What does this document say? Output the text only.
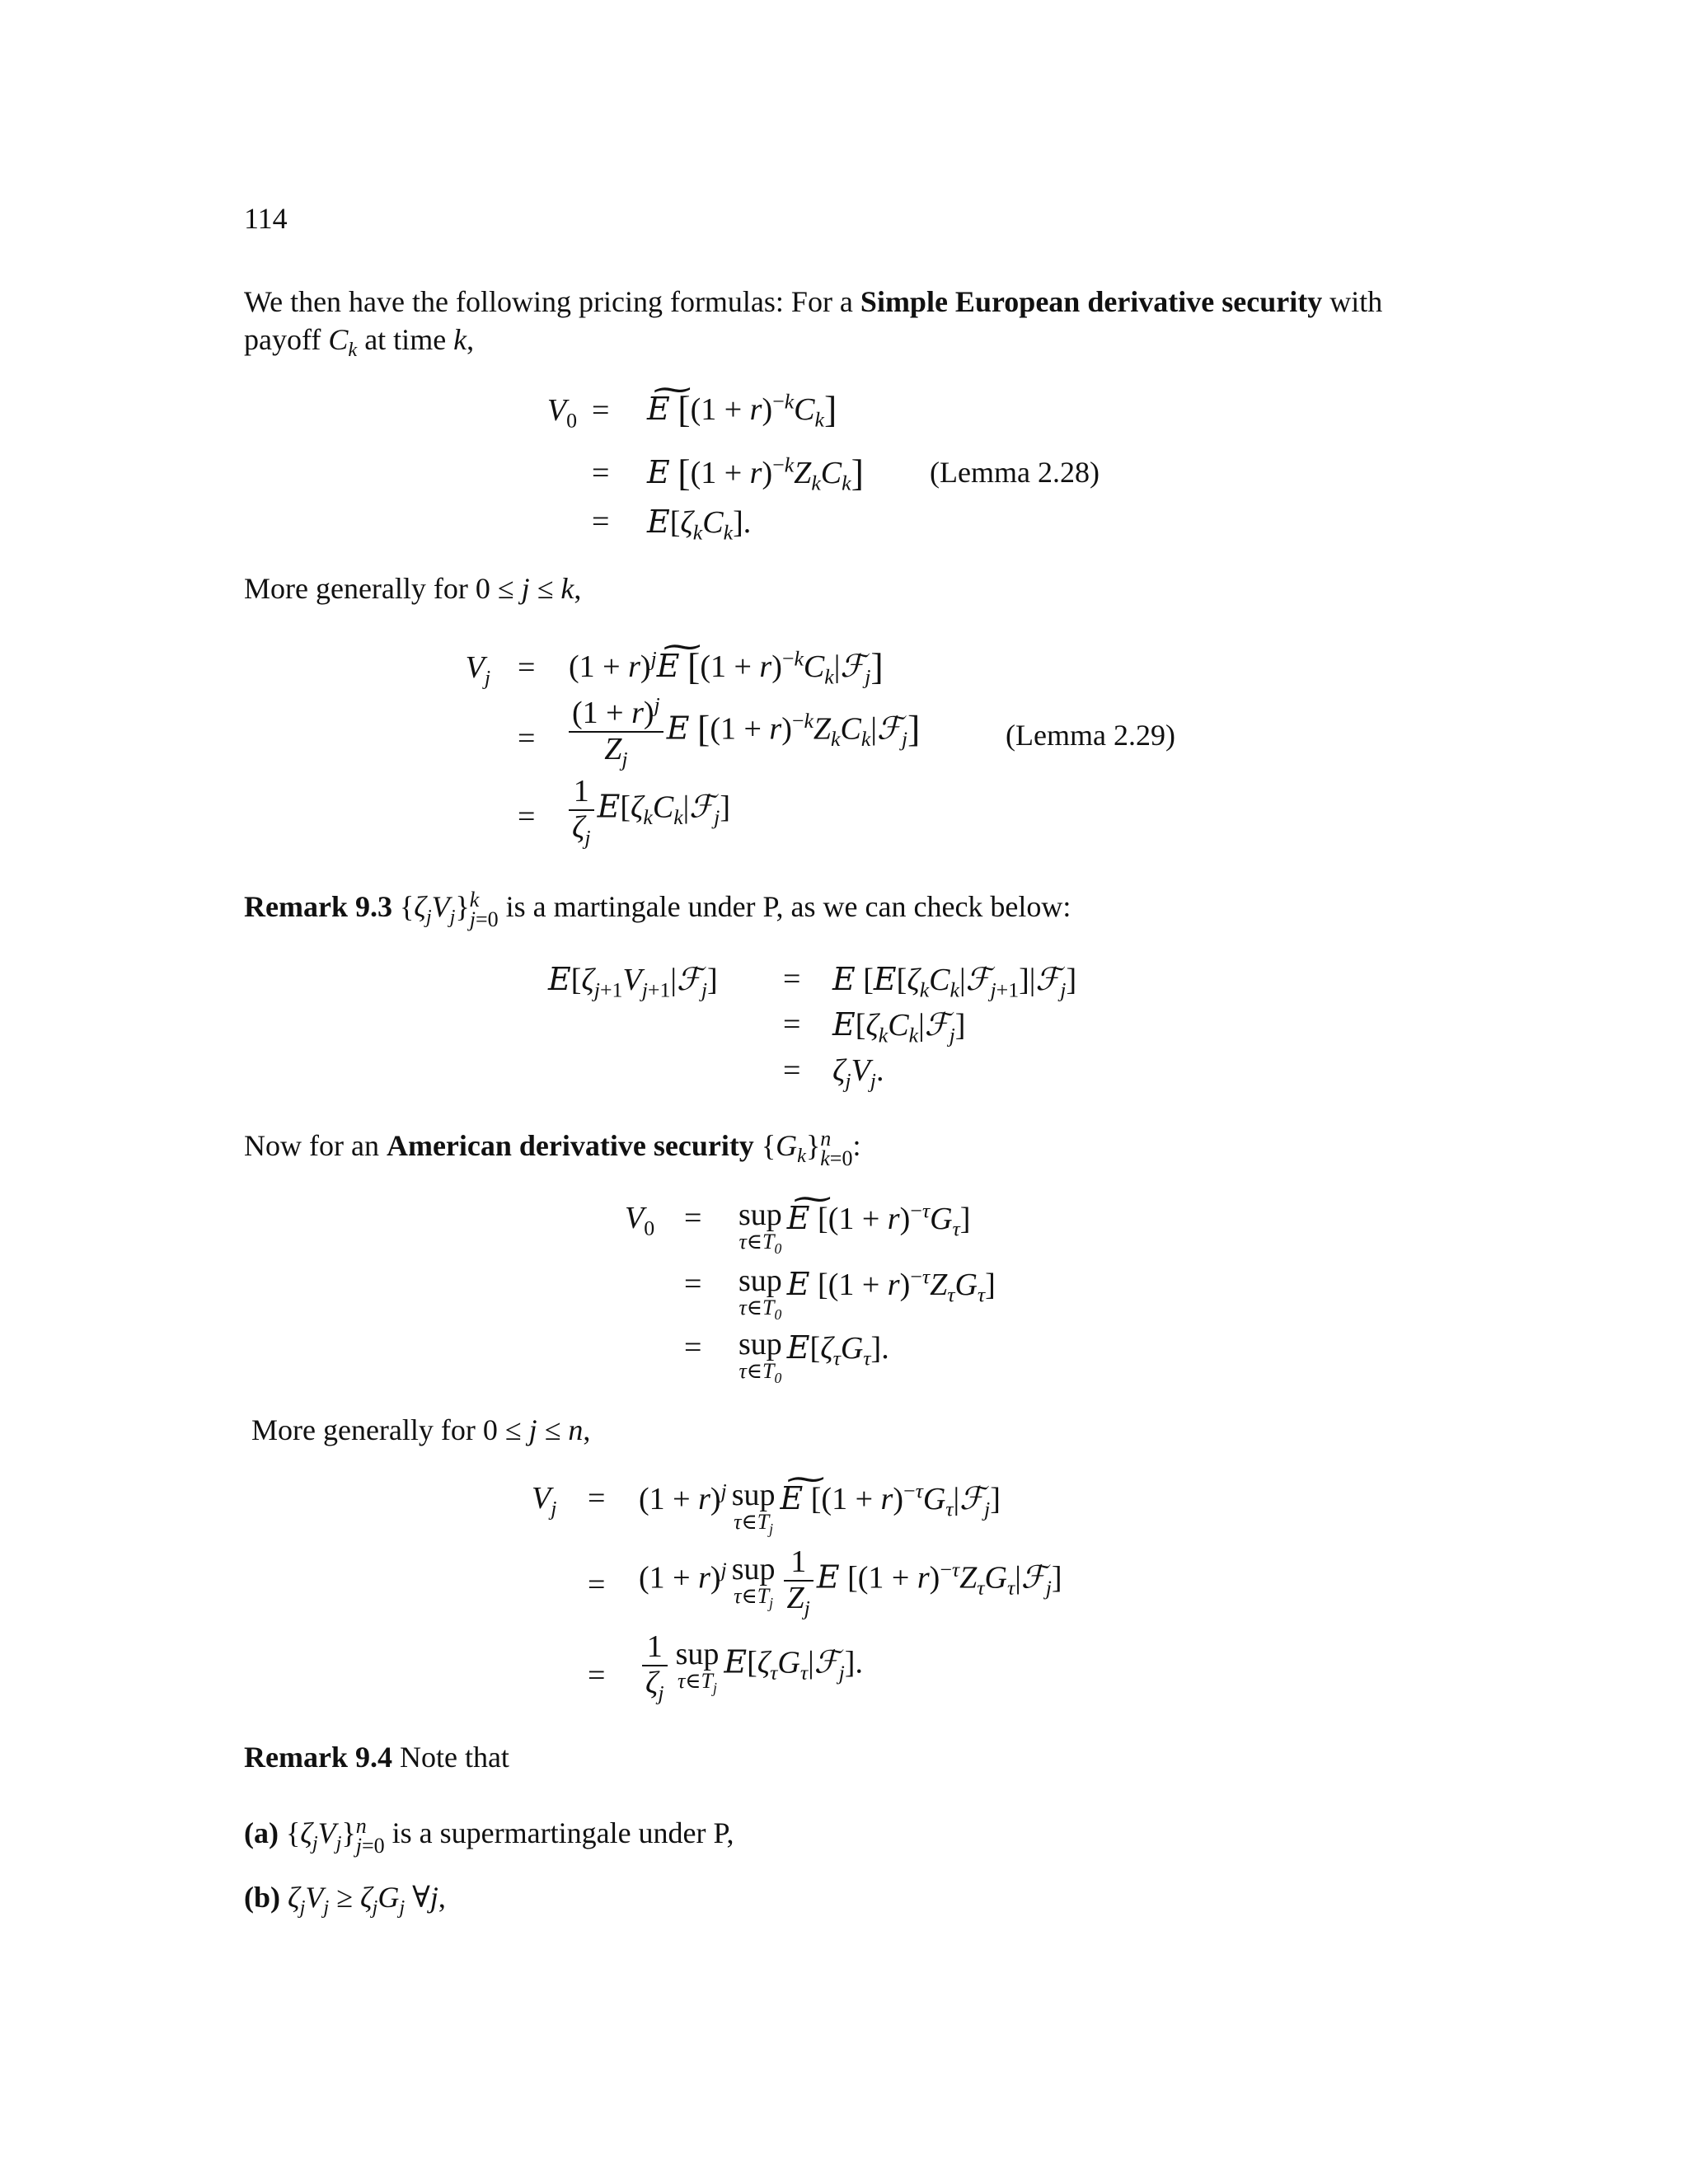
114
We then have the following pricing formulas: For a Simple European derivative security with payoff $C_k$ at time k,
$V_0$ =
~ E $[(1 + r)^{-k}C_k]$
= E $[(1 + r)^{-k}Z_kC_k]$ (Lemma 2.28)
= $E[\zeta_kC_k]$.
More generally for 0 ≤ j ≤ k,
$V_j = (1$ + $r)^j\sim$ E $[(1 + r)^{-k}C_k|ℱ_j]$
= $\frac{(1 + r)^j}{Z_j}$ E $[(1 + r)^{-k}Z_kC_k|ℱ_j]$	(Lemma 2.29)
= $\frac{1}{\zeta_j}$ $E[\zeta_kC_k|ℱ_j]$
Remark 9.3 $\{\zeta_jV_j\}$ k
j=0 is a martingale under P, as we can check below:
$E[\zeta_{j+1}V_{j+1}|ℱ_j] = E$ $[E[\zeta_kC_k|ℱ_{j+1}]|ℱ_j]$
= $E[\zeta_kC_k|ℱ_j]$
= $\zeta_jV_j$.
Now for an American derivative security $\{G_k\}$ n
k=0 :
$V_0$ = sup
$\tau\in T_0$
~ E $[(1 + r)^{-\tau}G_\tau]$
= sup
$\tau\in T_0$
E $[(1 + r)^{-\tau}Z_\tau G_\tau]$
= sup
$\tau\in T_0$
$E[\zeta_\tau G_\tau]$.
More generally for 0 ≤ j ≤ n,
$V_j = (1 + r)^j$ sup
$\tau\in T_j$
~ E $[(1 + r)^{-\tau}G_\tau|ℱ_j]$
= $(1 + r)^j$ sup
$\tau\in T_j \frac{1}{Z_j}$ E $[(1 + r)^{-\tau}Z_\tau G_\tau|ℱ_j]$
= $\frac{1}{\zeta_j}$ sup
$\tau\in T_j$
$E[\zeta_\tau G_\tau|ℱ_j]$.
Remark 9.4 Note that
(a) $\{\zeta_jV_j\}$ n
j=0 is a supermartingale under P,
(b) $\zeta_jV_j \ge \zeta_jG_j$ ∀j,
